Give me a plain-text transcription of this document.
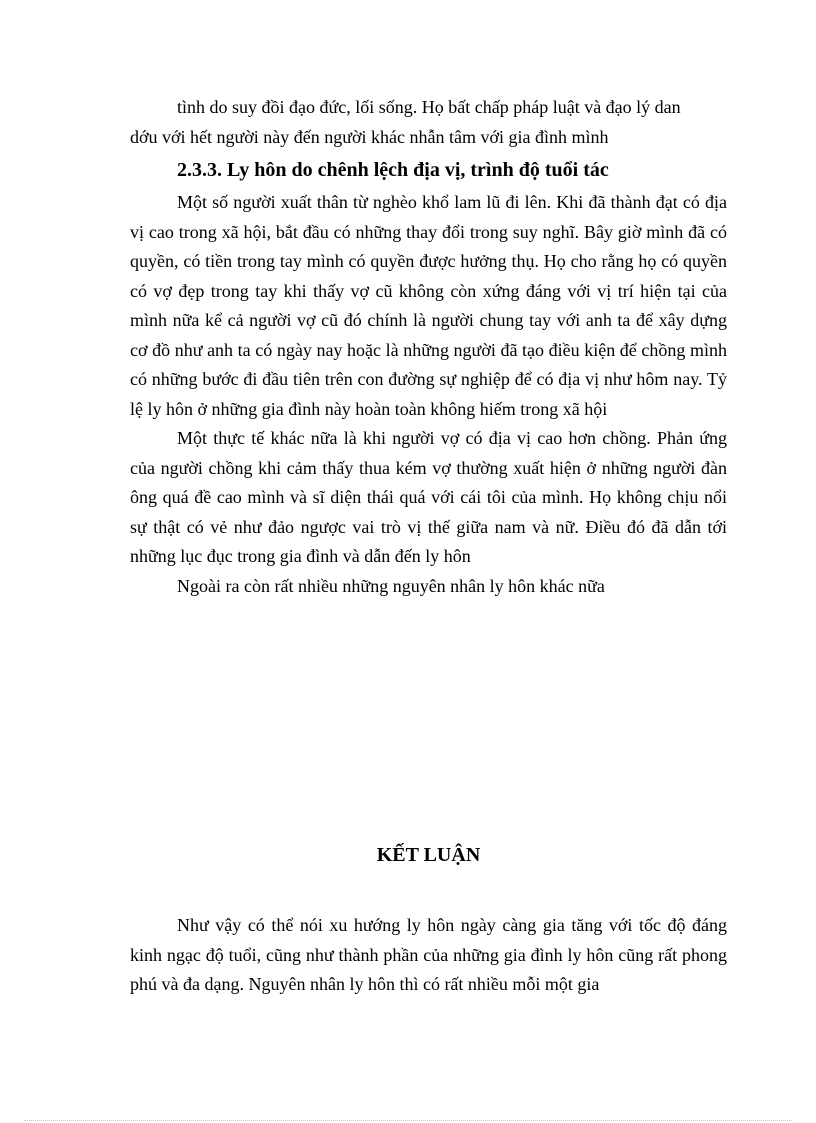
tình do suy đồi đạo đức, lối sống. Họ bất chấp pháp luật và đạo lý dan

dớu với hết người này đến người khác nhẫn tâm với gia đình mình

2.3.3. Ly hôn do chênh lệch địa vị, trình độ tuổi tác

Một số người xuất thân từ nghèo khổ lam lũ đi lên. Khi đã thành đạt có địa vị cao trong xã hội, bắt đầu có những thay đổi trong suy nghĩ. Bây giờ mình đã có quyền, có tiền trong tay mình có quyền được hưởng thụ. Họ cho rằng họ có quyền có vợ đẹp trong tay khi thấy vợ cũ không còn xứng đáng với vị trí hiện tại của mình nữa kể cả người vợ cũ đó chính là người chung tay với anh ta để xây dựng cơ đồ như anh ta có ngày nay hoặc là những người đã tạo điều kiện để chồng mình có những bước đi đầu tiên trên con đường sự nghiệp để có địa vị như hôm nay. Tỷ lệ ly hôn ở những gia đình này hoàn toàn không hiếm trong xã hội

Một thực tế khác nữa là khi người vợ có địa vị cao hơn chồng. Phản ứng của người chồng khi cảm thấy thua kém vợ thường xuất hiện ở những người đàn ông quá đề cao mình và sĩ diện thái quá với cái tôi của mình. Họ không chịu nổi sự thật có vẻ như đảo ngược vai trò vị thế giữa nam và nữ. Điều đó đã dẫn tới những lục đục trong gia đình và dẫn đến ly hôn

Ngoài ra còn rất nhiều những nguyên nhân ly hôn khác nữa

KẾT LUẬN

Như vậy có thể nói xu hướng ly hôn ngày càng gia tăng với tốc độ đáng kinh ngạc độ tuổi, cũng như thành phần của những gia đình ly hôn cũng rất phong phú và đa dạng. Nguyên nhân ly hôn thì có rất nhiều mỗi một gia
